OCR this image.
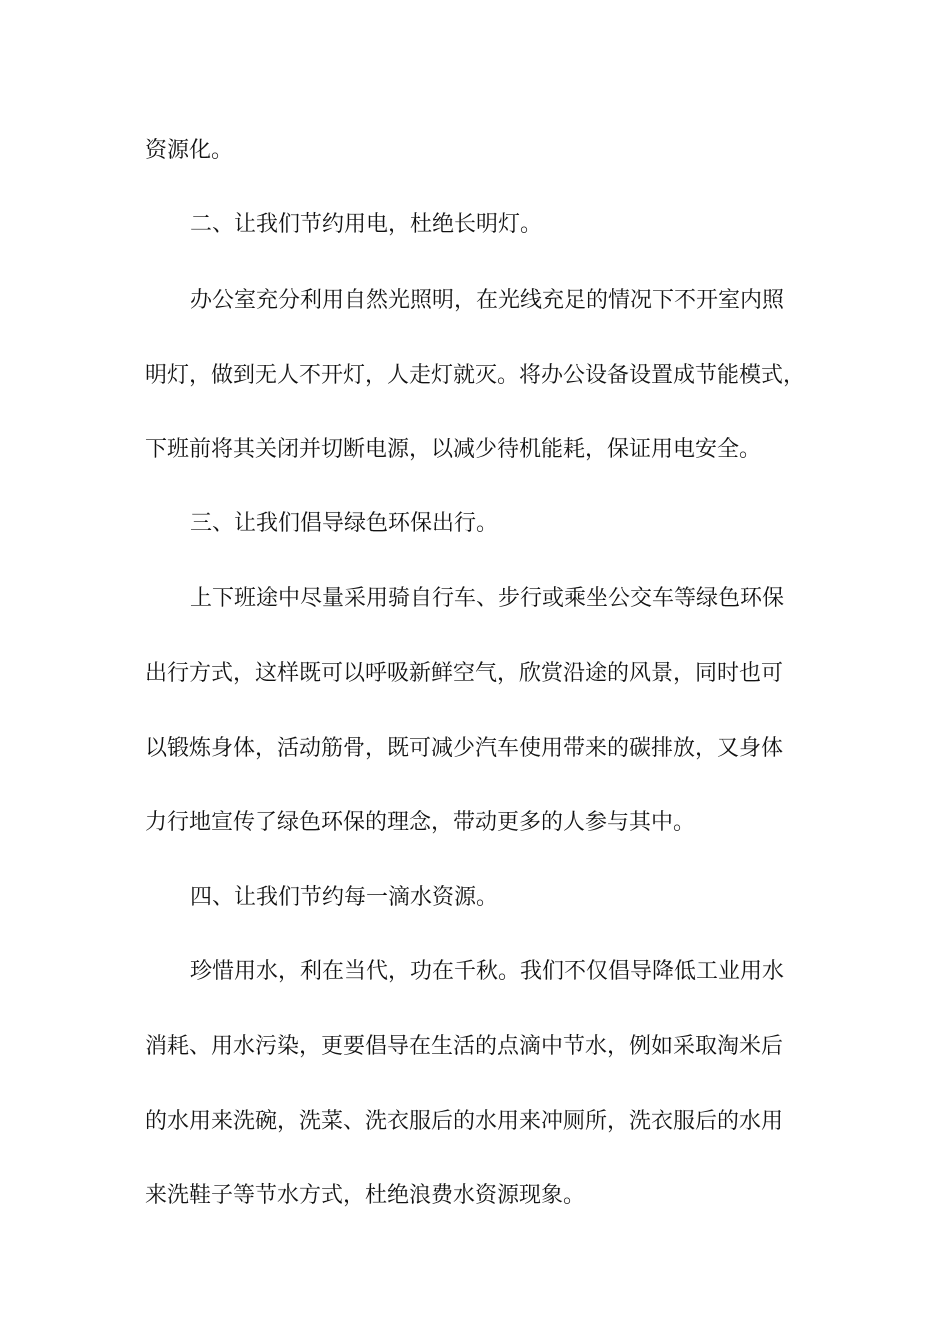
资源化。

二、让我们节约用电，杜绝长明灯。

办公室充分利用自然光照明，在光线充足的情况下不开室内照

明灯，做到无人不开灯，人走灯就灭。将办公设备设置成节能模式，

下班前将其关闭并切断电源，以减少待机能耗，保证用电安全。

三、让我们倡导绿色环保出行。

上下班途中尽量采用骑自行车、步行或乘坐公交车等绿色环保

出行方式，这样既可以呼吸新鲜空气，欣赏沿途的风景，同时也可

以锻炼身体，活动筋骨，既可减少汽车使用带来的碳排放，又身体

力行地宣传了绿色环保的理念，带动更多的人参与其中。

四、让我们节约每一滴水资源。

珍惜用水，利在当代，功在千秋。我们不仅倡导降低工业用水

消耗、用水污染，更要倡导在生活的点滴中节水，例如采取淘米后

的水用来洗碗，洗菜、洗衣服后的水用来冲厕所，洗衣服后的水用

来洗鞋子等节水方式，杜绝浪费水资源现象。
